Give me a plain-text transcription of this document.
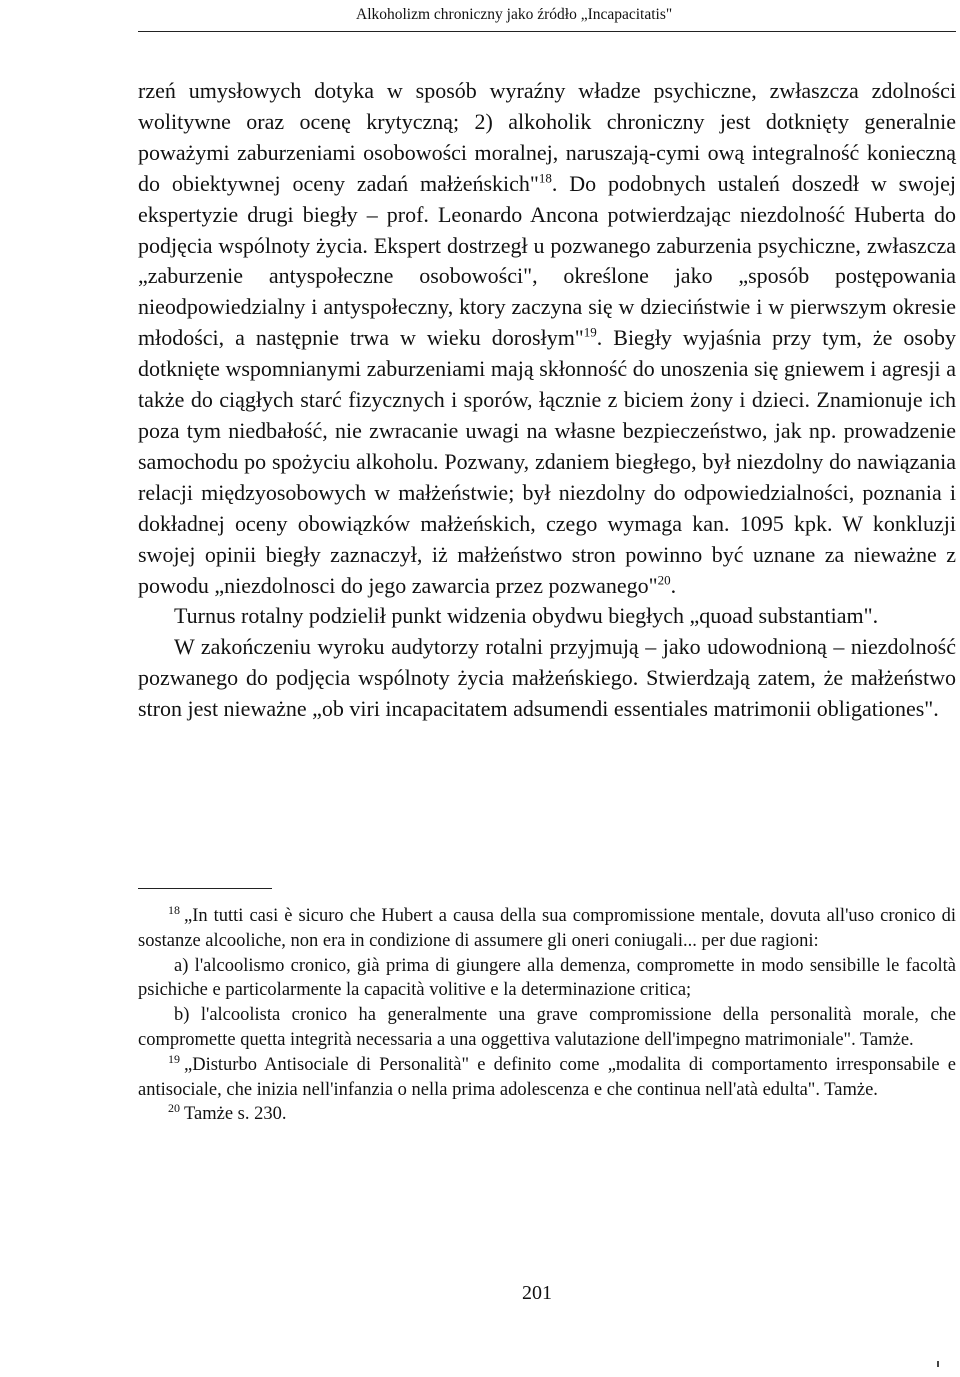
Alkoholizm chroniczny jako źródło „Incapacitatis"

rzeń umysłowych dotyka w sposób wyraźny władze psychiczne, zwłaszcza zdolności wolitywne oraz ocenę krytyczną; 2) alkoholik chroniczny jest dotknięty generalnie poważymi zaburzeniami osobowości moralnej, naruszają-cymi ową integralność konieczną do obiektywnej oceny zadań małżeńskich"$^{18}$. Do podobnych ustaleń doszedł w swojej ekspertyzie drugi biegły – prof. Leonardo Ancona potwierdzając niezdolność Huberta do podjęcia wspólnoty życia. Ekspert dostrzegł u pozwanego zaburzenia psychiczne, zwłaszcza „zaburzenie antyspołeczne osobowości", określone jako „sposób postępowania nieodpowiedzialny i antyspołeczny, ktory zaczyna się w dzieciństwie i w pierwszym okresie młodości, a następnie trwa w wieku dorosłym"$^{19}$. Biegły wyjaśnia przy tym, że osoby dotknięte wspomnianymi zaburzeniami mają skłonność do unoszenia się gniewem i agresji a także do ciągłych starć fizycznych i sporów, łącznie z biciem żony i dzieci. Znamionuje ich poza tym niedbałość, nie zwracanie uwagi na własne bezpieczeństwo, jak np. prowadzenie samochodu po spożyciu alkoholu. Pozwany, zdaniem biegłego, był niezdolny do nawiązania relacji międzyosobowych w małżeństwie; był niezdolny do odpowiedzialności, poznania i dokładnej oceny obowiązków małżeńskich, czego wymaga kan. 1095 kpk. W konkluzji swojej opinii biegły zaznaczył, iż małżeństwo stron powinno być uznane za nieważne z powodu „niezdolnosci do jego zawarcia przez pozwanego"$^{20}$.

Turnus rotalny podzielił punkt widzenia obydwu biegłych „quoad substantiam".

W zakończeniu wyroku audytorzy rotalni przyjmują – jako udowodnioną – niezdolność pozwanego do podjęcia wspólnoty życia małżeńskiego. Stwierdzają zatem, że małżeństwo stron jest nieważne „ob viri incapacitatem adsumendi essentiales matrimonii obligationes".

$^{18}$ „In tutti casi è sicuro che Hubert a causa della sua compromissione mentale, dovuta all'uso cronico di sostanze alcooliche, non era in condizione di assumere gli oneri coniugali... per due ragioni:

a) l'alcoolismo cronico, già prima di giungere alla demenza, compromette in modo sensibille le facoltà psichiche e particolarmente la capacità volitive e la determinazione critica;

b) l'alcoolista cronico ha generalmente una grave compromissione della personalità morale, che compromette quetta integrità necessaria a una oggettiva valutazione dell'impegno matrimoniale". Tamże.

$^{19}$ „Disturbo Antisociale di Personalità" e definito come „modalita di comportamento irresponsabile e antisociale, che inizia nell'infanzia o nella prima adolescenza e che continua nell'atà edulta". Tamże.

$^{20}$ Tamże s. 230.

201
